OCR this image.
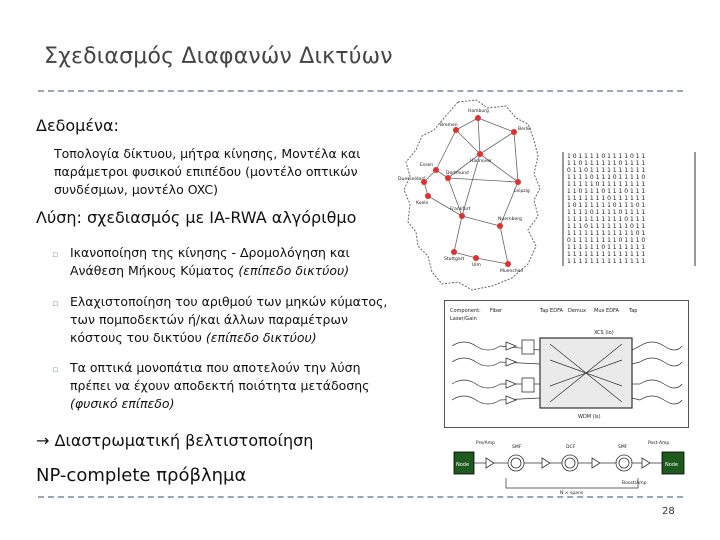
Σχεδιασμός Διαφανών Δικτύων
Δεδομένα:
Τοπολογία δίκτυου, μήτρα κίνησης, Μοντέλα και παράμετροι φυσικού επιπέδου (μοντέλο οπτικών συνδέσμων, μοντέλο OXC)
Λύση: σχεδιασμός με IA-RWA αλγόριθμο
▫ Ικανοποίηση της κίνησης - Δρομολόγηση και Ανάθεση Μήκους Κύματος (επίπεδο δικτύου)
▫ Ελαχιστοποίηση του αριθμού των μηκών κύματος, των πομποδεκτών ή/και άλλων παραμέτρων κόστους του δικτύου (επίπεδο δικτύου)
▫ Τα οπτικά μονοπάτια που αποτελούν την λύση πρέπει να έχουν αποδεκτή ποιότητα μετάδοσης (φυσικό επίπεδο)
→ Διαστρωματική βελτιστοποίηση
NP-complete πρόβλημα
28
Hamburg
Bremen
Hannover
Berlin
Essen
Dortmund
Duesseldorf
Koeln
Leipzig
Frankfurt
Nuernberg
Stuttgart
Ulm
Muenchen
1 0 1 1 1 1 0 1 1 1 1 0 1 1
1 1 0 1 1 1 1 1 1 0 1 1 1 1
0 1 1 0 1 1 1 1 1 1 1 1 1 1
1 1 1 1 0 1 1 1 0 1 1 1 1 0
1 1 1 1 1 0 1 1 1 1 1 1 1 1
1 1 0 1 1 1 0 1 1 1 0 1 1 1
1 1 1 1 1 1 1 0 1 1 1 1 1 1
1 0 1 1 1 1 1 1 0 1 1 1 0 1
1 1 1 1 0 1 1 1 1 0 1 1 1 1
1 1 1 1 1 1 1 1 1 1 0 1 1 1
1 1 1 0 1 1 1 1 1 1 1 0 1 1
1 1 1 1 1 1 1 1 1 1 1 1 0 1
0 1 1 1 1 1 1 1 1 0 1 1 1 0
1 1 1 1 1 1 0 1 1 1 1 1 1 1
1 1 1 1 1 1 1 1 1 1 1 1 1 1
1 1 1 1 1 1 1 1 1 1 1 1 1 1
Component: Fiber	Tap EDFA Demux Mux EDFA Tap
Laser/Gain
XCS (lo)
WDM (ls)
Node	Node
Pre/Amp
SMF	DCF	SMF
Post-Amp
Boost/Amp
N × spans
